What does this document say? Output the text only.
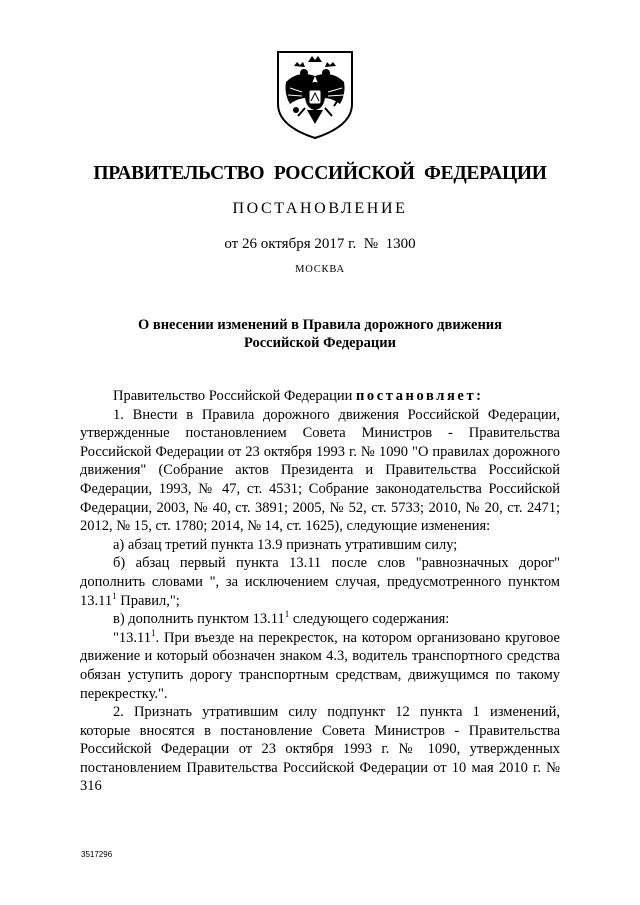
ПРАВИТЕЛЬСТВО РОССИЙСКОЙ ФЕДЕРАЦИИ
ПОСТАНОВЛЕНИЕ
от 26 октября 2017 г.  №  1300
МОСКВА
О внесении изменений в Правила дорожного движения
Российской Федерации

Правительство Российской Федерации постановляет:

1. Внести в Правила дорожного движения Российской Федерации, утвержденные постановлением Совета Министров - Правительства Российской Федерации от 23 октября 1993 г. № 1090 "О правилах дорожного движения" (Собрание актов Президента и Правительства Российской Федерации, 1993, № 47, ст. 4531; Собрание законодательства Российской Федерации, 2003, № 40, ст. 3891; 2005, № 52, ст. 5733; 2010, № 20, ст. 2471; 2012, № 15, ст. 1780; 2014, № 14, ст. 1625), следующие изменения:

а) абзац третий пункта 13.9 признать утратившим силу;

б) абзац первый пункта 13.11 после слов "равнозначных дорог" дополнить словами ", за исключением случая, предусмотренного пунктом 13.11$^1$ Правил,";

в) дополнить пунктом 13.11$^1$ следующего содержания:

"13.11$^1$. При въезде на перекресток, на котором организовано круговое движение и который обозначен знаком 4.3, водитель транспортного средства обязан уступить дорогу транспортным средствам, движущимся по такому перекрестку.".

2. Признать утратившим силу подпункт 12 пункта 1 изменений, которые вносятся в постановление Совета Министров - Правительства Российской Федерации от 23 октября 1993 г. № 1090, утвержденных постановлением Правительства Российской Федерации от 10 мая 2010 г. № 316

3517296
